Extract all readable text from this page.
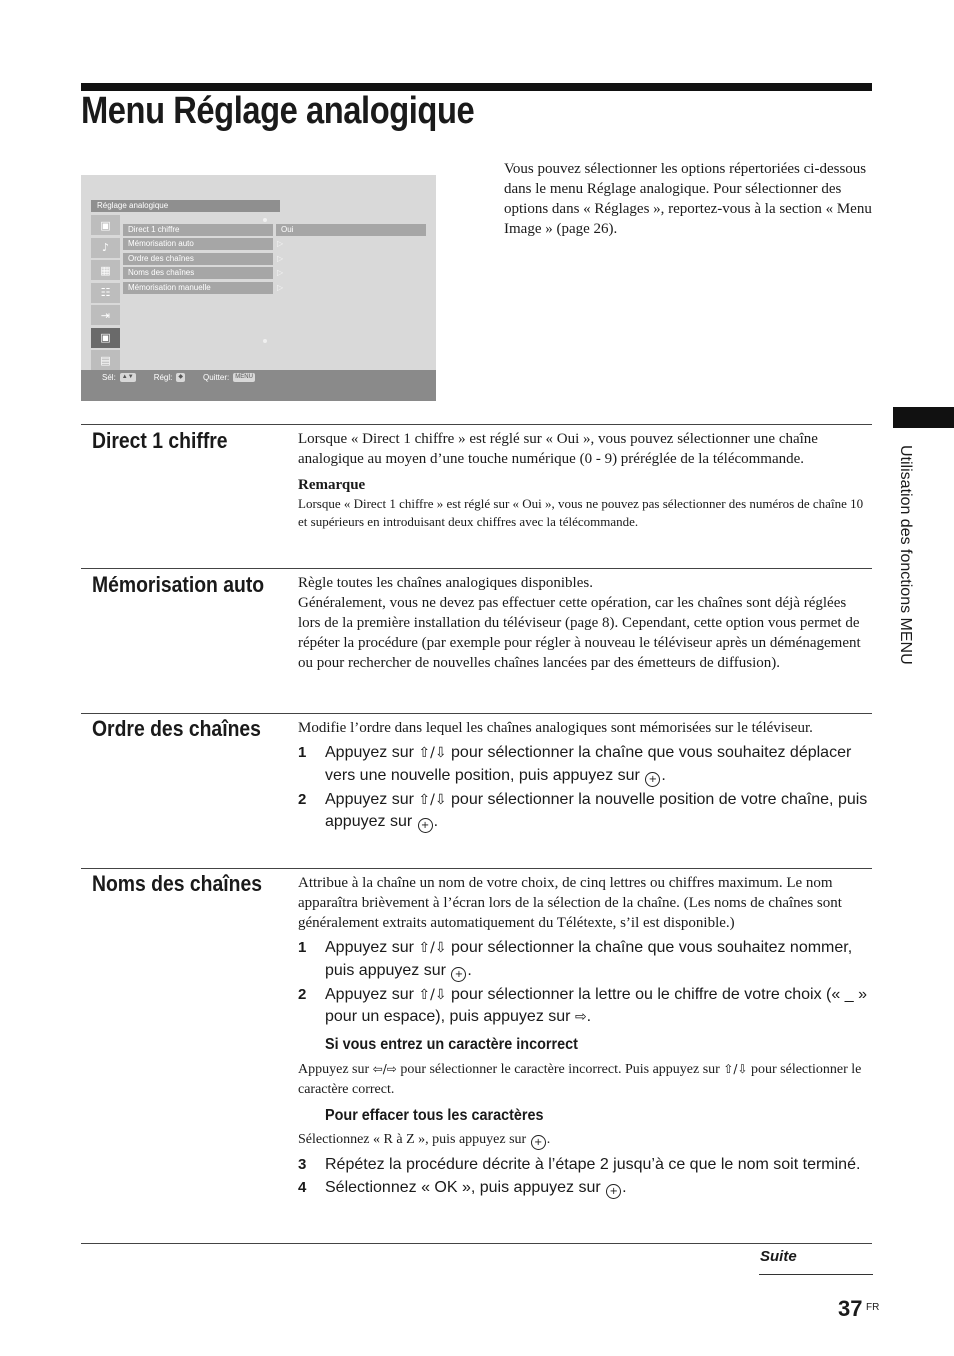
Menu Réglage analogique
Vous pouvez sélectionner les options répertoriées ci-dessous dans le menu Réglage analogique. Pour sélectionner des options dans « Réglages », reportez-vous à la section « Menu Image » (page 26).
Réglage analogique
▣
♪
▦
☷
⇥
▣
▤
Direct 1 chiffre
Mémorisation auto	▷
Ordre des chaînes	▷
Noms des chaînes	▷
Mémorisation manuelle	▷
Oui
Sél:	▲▼	Régl:	◆	Quitter:	MENU
Direct 1 chiffre	Lorsque « Direct 1 chiffre » est réglé sur « Oui », vous pouvez sélectionner une chaîne analogique au moyen d’une touche numérique (0 - 9) préréglée de la télécommande.

Remarque

Lorsque « Direct 1 chiffre » est réglé sur « Oui », vous ne pouvez pas sélectionner des numéros de chaîne 10 et supérieurs en introduisant deux chiffres avec la télécommande.

Mémorisation auto Règle toutes les chaînes analogiques disponibles.

Généralement, vous ne devez pas effectuer cette opération, car les chaînes sont déjà réglées lors de la première installation du téléviseur (page 8). Cependant, cette option vous permet de répéter la procédure (par exemple pour régler à nouveau le téléviseur après un déménagement ou pour rechercher de nouvelles chaînes lancées par des émetteurs de diffusion).

Ordre des chaînes Modifie l’ordre dans lequel les chaînes analogiques sont mémorisées sur le téléviseur.

1 Appuyez sur ⇧/⇩ pour sélectionner la chaîne que vous souhaitez déplacer vers une nouvelle position, puis appuyez sur + .
2 Appuyez sur ⇧/⇩ pour sélectionner la nouvelle position de votre chaîne, puis appuyez sur + .
Noms des chaînes Attribue à la chaîne un nom de votre choix, de cinq lettres ou chiffres maximum. Le nom apparaîtra brièvement à l’écran lors de la sélection de la chaîne. (Les noms de chaînes sont généralement extraits automatiquement du Télétexte, s’il est disponible.)

1 Appuyez sur ⇧/⇩ pour sélectionner la chaîne que vous souhaitez nommer, puis appuyez sur + .
2 Appuyez sur ⇧/⇩ pour sélectionner la lettre ou le chiffre de votre choix (« _ » pour un espace), puis appuyez sur ⇨.
Si vous entrez un caractère incorrect

Appuyez sur ⇦/⇨ pour sélectionner le caractère incorrect. Puis appuyez sur ⇧/⇩ pour sélectionner le caractère correct.

Pour effacer tous les caractères

Sélectionnez « R à Z », puis appuyez sur + .

3 Répétez la procédure décrite à l’étape 2 jusqu’à ce que le nom soit terminé.
4 Sélectionnez « OK », puis appuyez sur + .
Utilisation des fonctions MENU
Suite
37 FR
